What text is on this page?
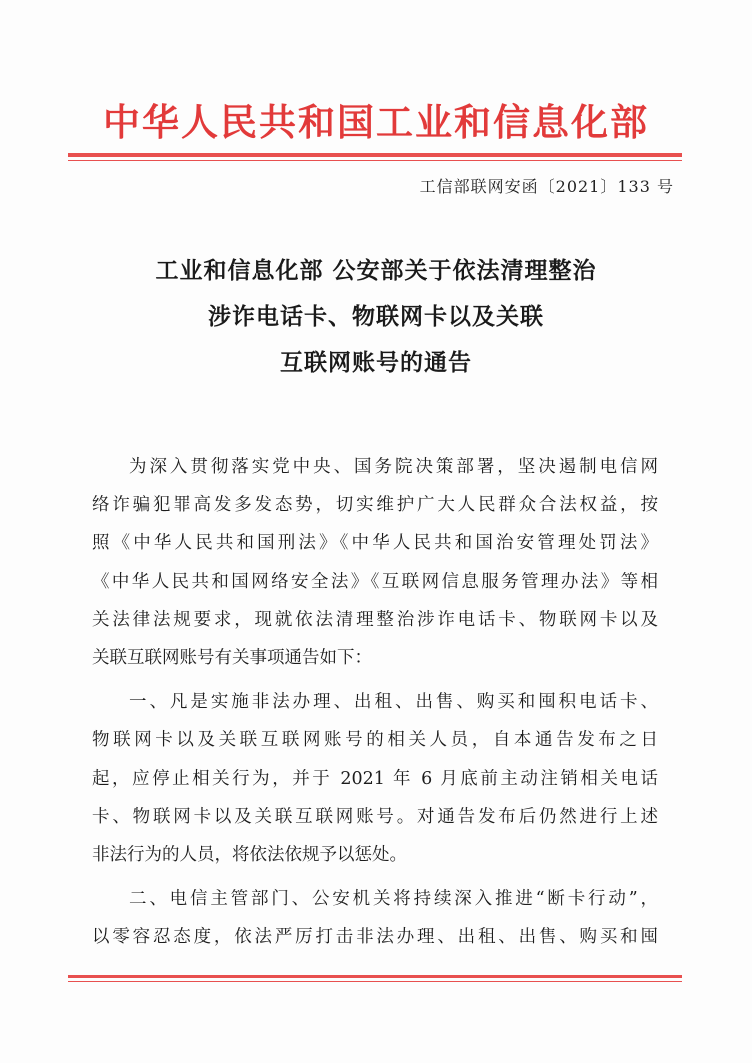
中华人民共和国工业和信息化部
工信部联网安函〔2021〕133 号
工业和信息化部 公安部关于依法清理整治
涉诈电话卡、物联网卡以及关联
互联网账号的通告
为深入贯彻落实党中央、国务院决策部署，坚决遏制电信网
络诈骗犯罪高发多发态势，切实维护广大人民群众合法权益，按
照《中华人民共和国刑法》《中华人民共和国治安管理处罚法》
《中华人民共和国网络安全法》《互联网信息服务管理办法》等相
关法律法规要求，现就依法清理整治涉诈电话卡、物联网卡以及
关联互联网账号有关事项通告如下：
一、凡是实施非法办理、出租、出售、购买和囤积电话卡、
物联网卡以及关联互联网账号的相关人员，自本通告发布之日
起，应停止相关行为，并于 2021 年 6 月底前主动注销相关电话
卡、物联网卡以及关联互联网账号。对通告发布后仍然进行上述
非法行为的人员，将依法依规予以惩处。
二、电信主管部门、公安机关将持续深入推进“断卡行动”，
以零容忍态度，依法严厉打击非法办理、出租、出售、购买和囤
